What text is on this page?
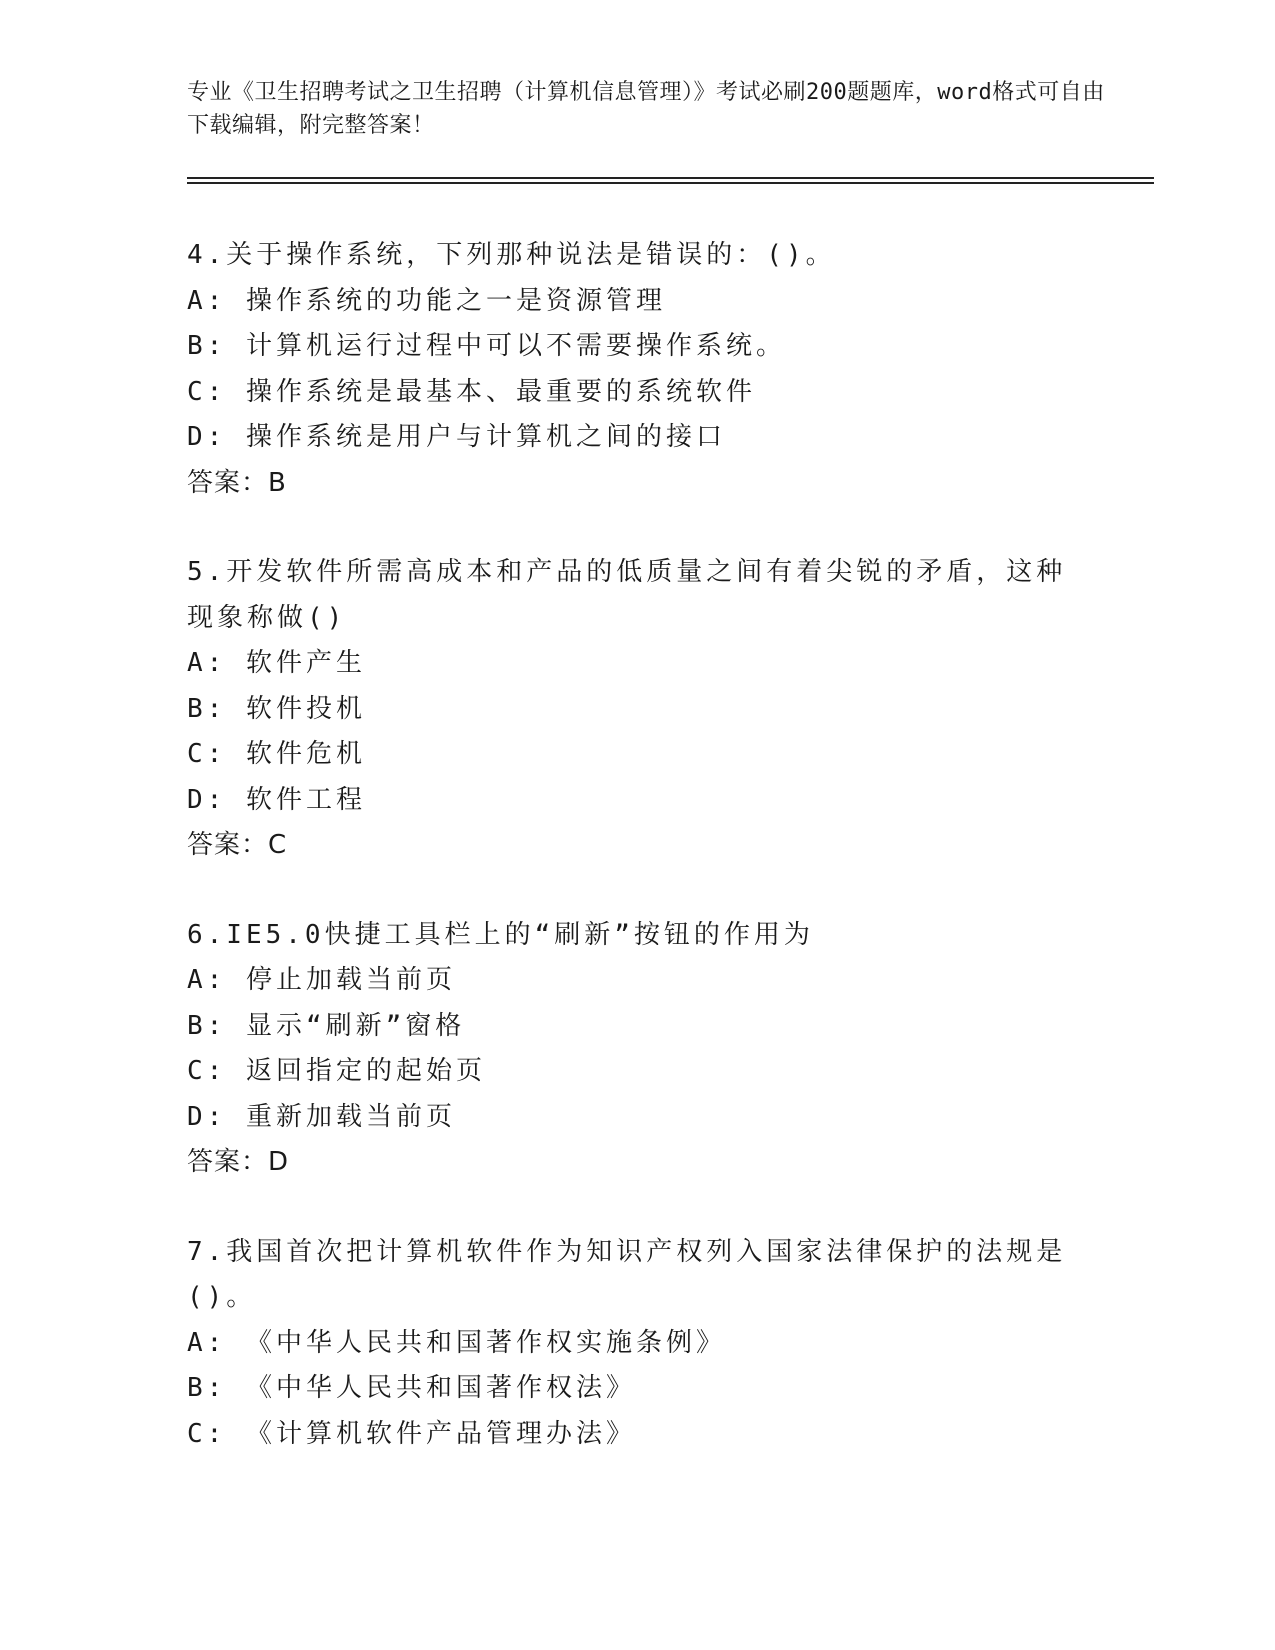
专业《卫生招聘考试之卫生招聘（计算机信息管理）》考试必刷200题题库，word格式可自由下载编辑，附完整答案！
4.关于操作系统，下列那种说法是错误的：()。
A: 操作系统的功能之一是资源管理
B: 计算机运行过程中可以不需要操作系统。
C: 操作系统是最基本、最重要的系统软件
D: 操作系统是用户与计算机之间的接口
答案：B
5.开发软件所需高成本和产品的低质量之间有着尖锐的矛盾，这种现象称做()
A: 软件产生
B: 软件投机
C: 软件危机
D: 软件工程
答案：C
6.IE5.0快捷工具栏上的“刷新”按钮的作用为
A: 停止加载当前页
B: 显示“刷新”窗格
C: 返回指定的起始页
D: 重新加载当前页
答案：D
7.我国首次把计算机软件作为知识产权列入国家法律保护的法规是()。
A: 《中华人民共和国著作权实施条例》
B: 《中华人民共和国著作权法》
C: 《计算机软件产品管理办法》
